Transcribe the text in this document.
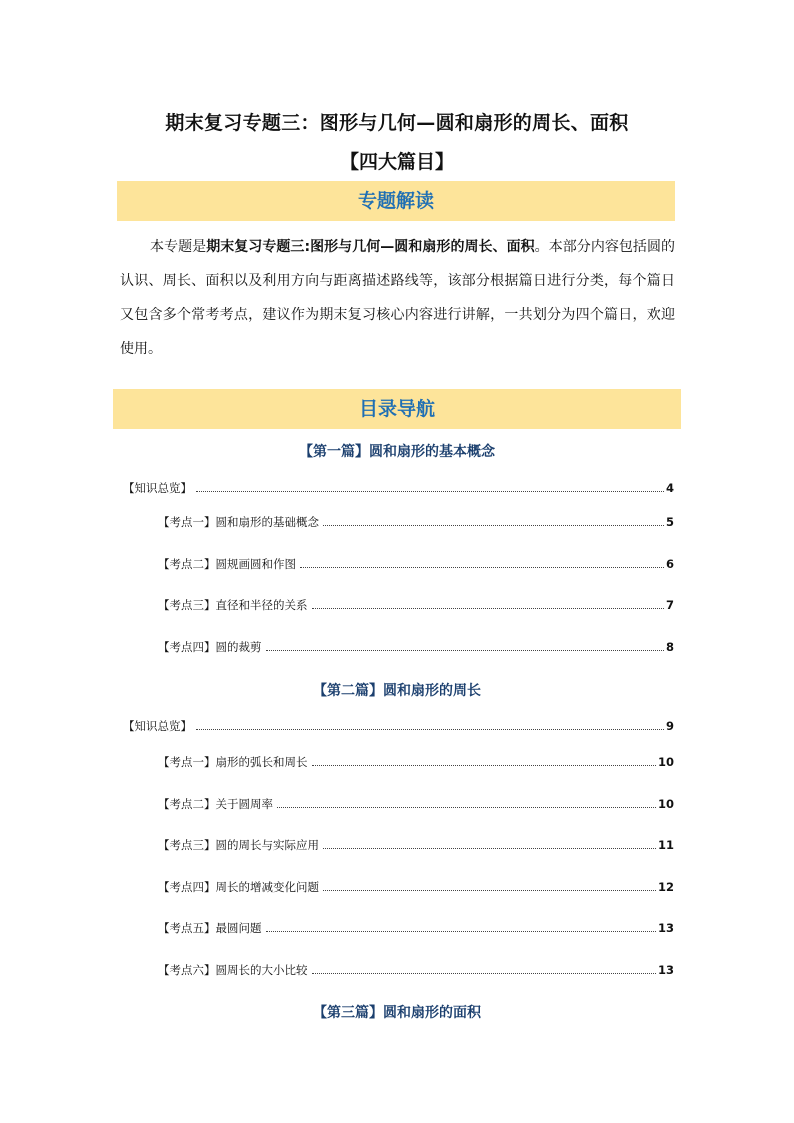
期末复习专题三：图形与几何—圆和扇形的周长、面积
【四大篇目】
专题解读
本专题是期末复习专题三:图形与几何—圆和扇形的周长、面积。本部分内容包括圆的认识、周长、面积以及利用方向与距离描述路线等，该部分根据篇日进行分类，每个篇日又包含多个常考考点，建议作为期末复习核心内容进行讲解，一共划分为四个篇日，欢迎使用。
目录导航
【第一篇】圆和扇形的基本概念
【知识总览】	4
【考点一】圆和扇形的基础概念	5
【考点二】圆规画圆和作图	6
【考点三】直径和半径的关系	7
【考点四】圆的裁剪	8
【第二篇】圆和扇形的周长
【知识总览】	9
【考点一】扇形的弧长和周长	10
【考点二】关于圆周率	10
【考点三】圆的周长与实际应用	11
【考点四】周长的增减变化问题	12
【考点五】最圆问题	13
【考点六】圆周长的大小比较	13
【第三篇】圆和扇形的面积
